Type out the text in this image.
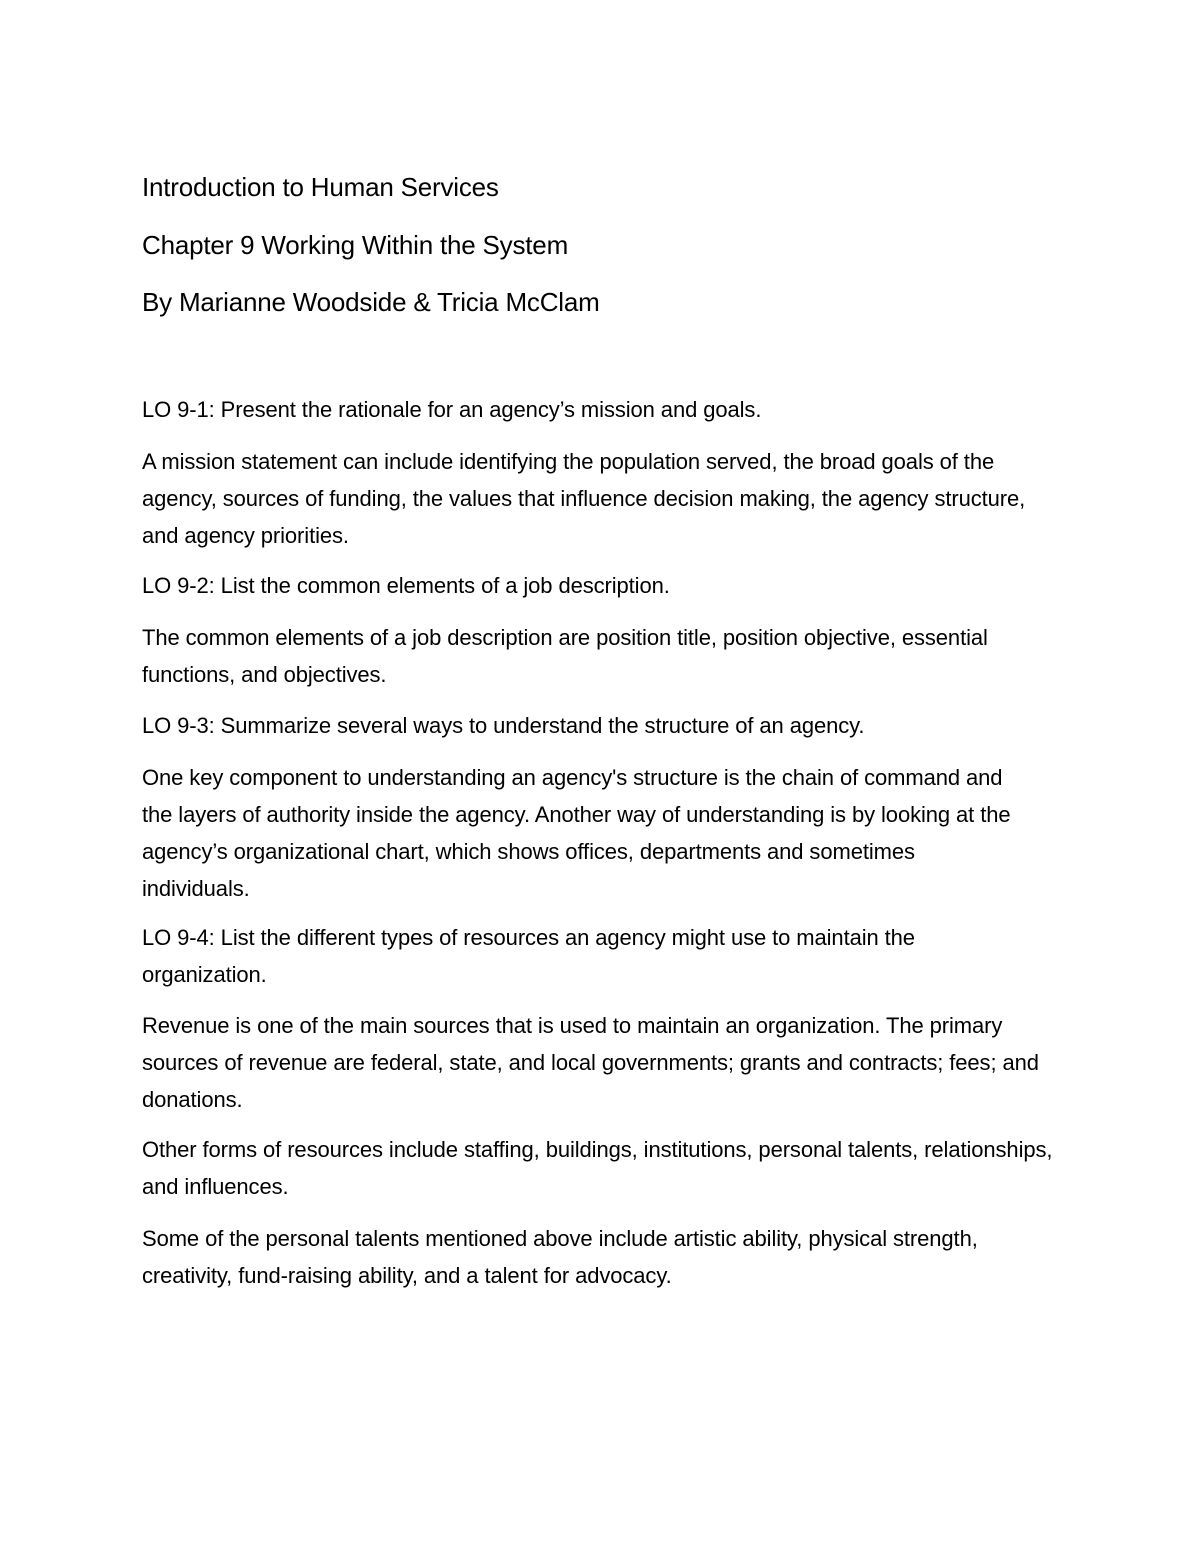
Introduction to Human Services

Chapter 9 Working Within the System

By Marianne Woodside & Tricia McClam

LO 9-1: Present the rationale for an agency’s mission and goals.

A mission statement can include identifying the population served, the broad goals of the agency, sources of funding, the values that influence decision making, the agency structure, and agency priorities.

LO 9-2: List the common elements of a job description.

The common elements of a job description are position title, position objective, essential functions, and objectives.

LO 9-3: Summarize several ways to understand the structure of an agency.

One key component to understanding an agency's structure is the chain of command and the layers of authority inside the agency. Another way of understanding is by looking at the agency’s organizational chart, which shows offices, departments and sometimes individuals.

LO 9-4: List the different types of resources an agency might use to maintain the organization.

Revenue is one of the main sources that is used to maintain an organization. The primary sources of revenue are federal, state, and local governments; grants and contracts; fees; and donations.

Other forms of resources include staffing, buildings, institutions, personal talents, relationships, and influences.

Some of the personal talents mentioned above include artistic ability, physical strength, creativity, fund-raising ability, and a talent for advocacy.
